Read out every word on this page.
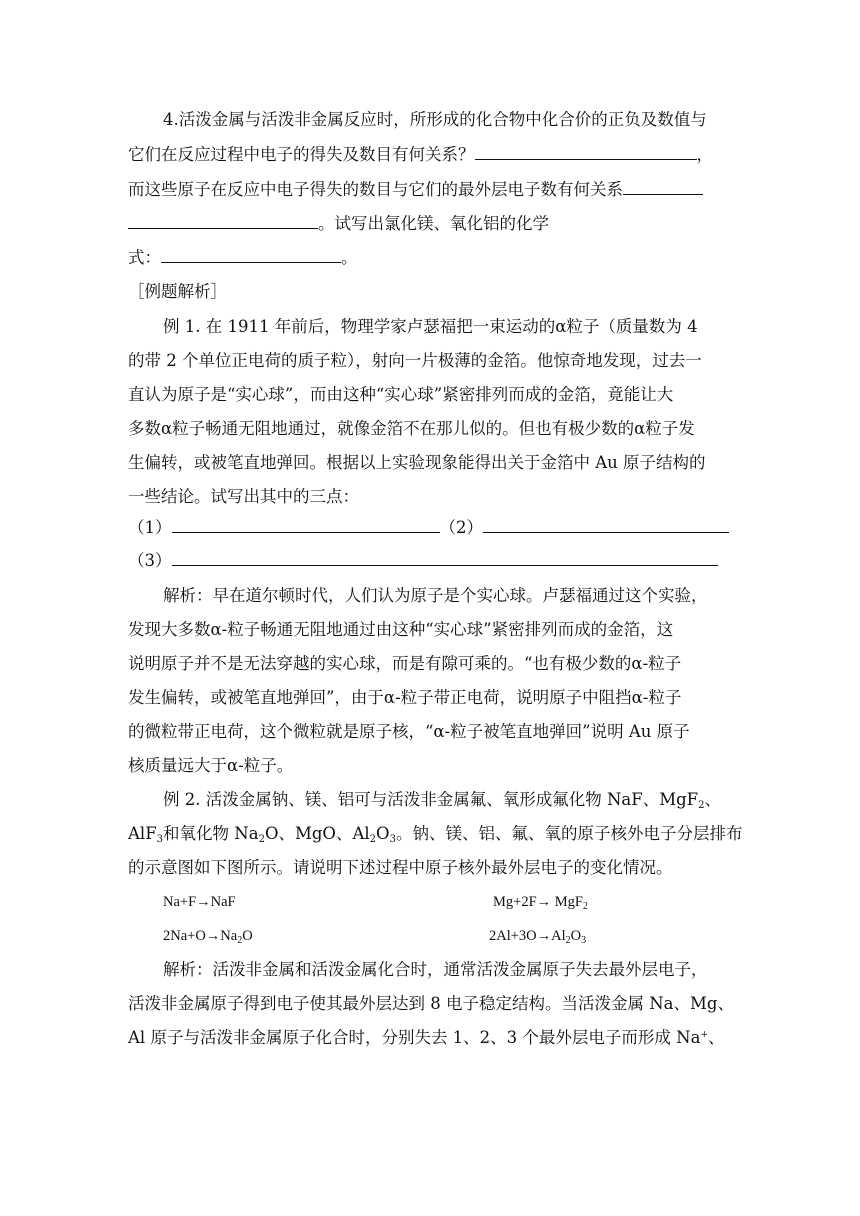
4.活泼金属与活泼非金属反应时，所形成的化合物中化合价的正负及数值与
它们在反应过程中电子的得失及数目有何关系？	，
而这些原子在反应中电子得失的数目与它们的最外层电子数有何关系
。试写出氯化镁、氧化铝的化学
式：	。
［例题解析］
例 1. 在 1911 年前后，物理学家卢瑟福把一束运动的α粒子（质量数为 4
的带 2 个单位正电荷的质子粒），射向一片极薄的金箔。他惊奇地发现，过去一
直认为原子是“实心球”，而由这种“实心球”紧密排列而成的金箔，竟能让大
多数α粒子畅通无阻地通过，就像金箔不在那儿似的。但也有极少数的α粒子发
生偏转，或被笔直地弹回。根据以上实验现象能得出关于金箔中 Au 原子结构的
一些结论。试写出其中的三点：
（1）	（2）
（3）
解析：早在道尔顿时代，人们认为原子是个实心球。卢瑟福通过这个实验，
发现大多数α-粒子畅通无阻地通过由这种“实心球”紧密排列而成的金箔，这
说明原子并不是无法穿越的实心球，而是有隙可乘的。“也有极少数的α-粒子
发生偏转，或被笔直地弹回”，由于α-粒子带正电荷，说明原子中阻挡α-粒子
的微粒带正电荷，这个微粒就是原子核，“α-粒子被笔直地弹回”说明 Au 原子
核质量远大于α-粒子。
例 2. 活泼金属钠、镁、铝可与活泼非金属氟、氧形成氟化物 NaF、MgF$_2$、
AlF$_3$和氧化物 $Na_2O$、MgO、$Al_2O_3$。钠、镁、铝、氟、氧的原子核外电子分层排布
的示意图如下图所示。请说明下述过程中原子核外最外层电子的变化情况。
Na+F→NaF	Mg+2F→ MgF$_2$
$2Na+O\to Na_2O$	$2Al+3O\to Al_2O_3$
解析：活泼非金属和活泼金属化合时，通常活泼金属原子失去最外层电子，
活泼非金属原子得到电子使其最外层达到 8 电子稳定结构。当活泼金属 Na、Mg、
Al 原子与活泼非金属原子化合时，分别失去 1、2、3 个最外层电子而形成 Na+、
